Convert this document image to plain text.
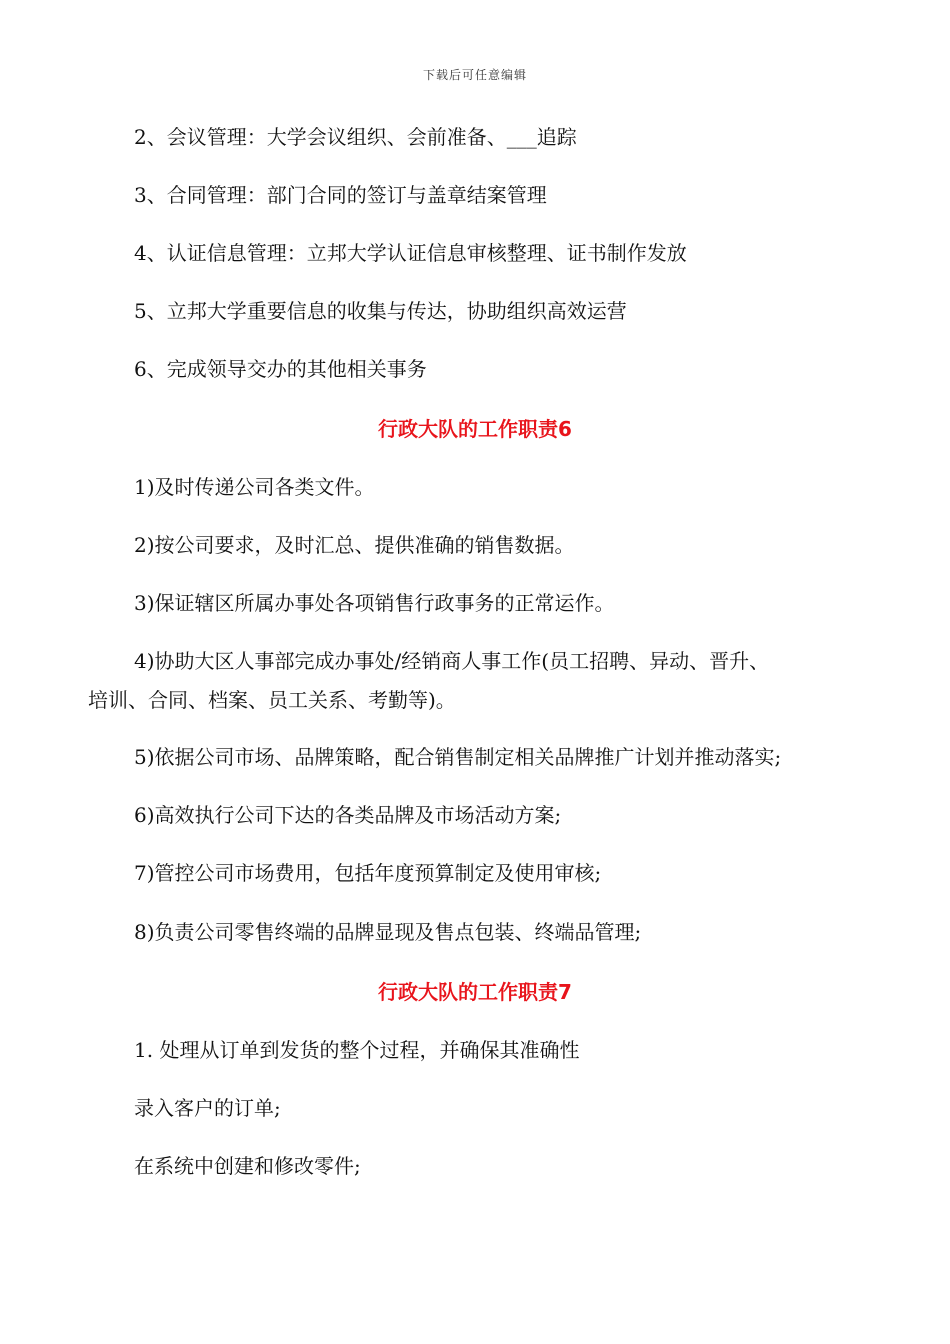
下载后可任意编辑
2、会议管理：大学会议组织、会前准备、___追踪
3、合同管理：部门合同的签订与盖章结案管理
4、认证信息管理：立邦大学认证信息审核整理、证书制作发放
5、立邦大学重要信息的收集与传达，协助组织高效运营
6、完成领导交办的其他相关事务
行政大队的工作职责6
1)及时传递公司各类文件。
2)按公司要求，及时汇总、提供准确的销售数据。
3)保证辖区所属办事处各项销售行政事务的正常运作。
4)协助大区人事部完成办事处/经销商人事工作(员工招聘、异动、晋升、
培训、合同、档案、员工关系、考勤等)。
5)依据公司市场、品牌策略，配合销售制定相关品牌推广计划并推动落实;
6)高效执行公司下达的各类品牌及市场活动方案;
7)管控公司市场费用，包括年度预算制定及使用审核;
8)负责公司零售终端的品牌显现及售点包装、终端品管理;
行政大队的工作职责7
1. 处理从订单到发货的整个过程，并确保其准确性
录入客户的订单;
在系统中创建和修改零件;
